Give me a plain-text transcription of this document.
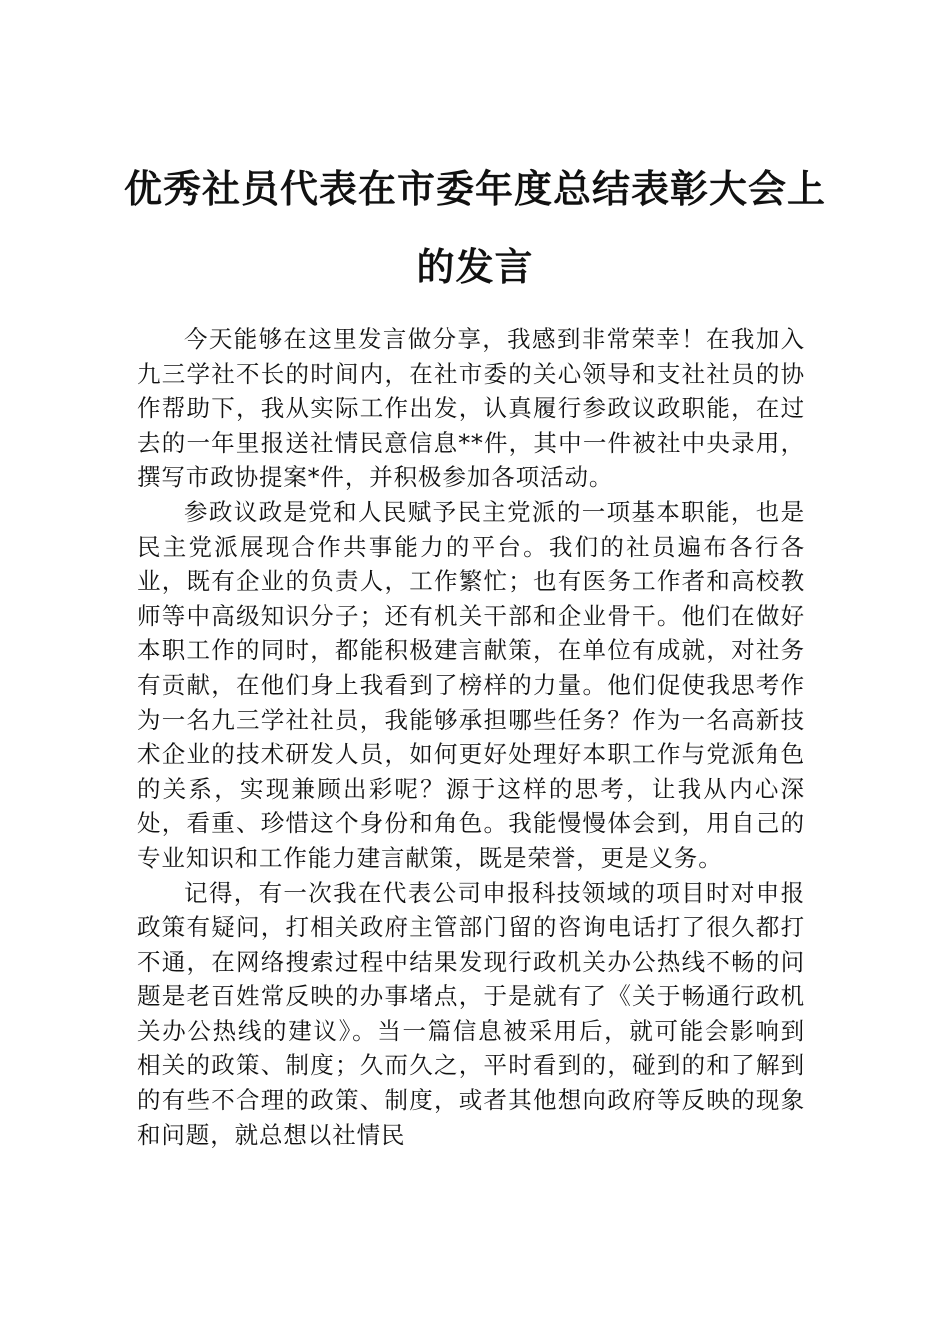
优秀社员代表在市委年度总结表彰大会上
的发言

今天能够在这里发言做分享，我感到非常荣幸！在我加入九三学社不长的时间内，在社市委的关心领导和支社社员的协作帮助下，我从实际工作出发，认真履行参政议政职能，在过去的一年里报送社情民意信息**件，其中一件被社中央录用，撰写市政协提案*件，并积极参加各项活动。

参政议政是党和人民赋予民主党派的一项基本职能，也是民主党派展现合作共事能力的平台。我们的社员遍布各行各业，既有企业的负责人，工作繁忙；也有医务工作者和高校教师等中高级知识分子；还有机关干部和企业骨干。他们在做好本职工作的同时，都能积极建言献策，在单位有成就，对社务有贡献，在他们身上我看到了榜样的力量。他们促使我思考作为一名九三学社社员，我能够承担哪些任务？作为一名高新技术企业的技术研发人员，如何更好处理好本职工作与党派角色的关系，实现兼顾出彩呢？源于这样的思考，让我从内心深处，看重、珍惜这个身份和角色。我能慢慢体会到，用自己的专业知识和工作能力建言献策，既是荣誉，更是义务。

记得，有一次我在代表公司申报科技领域的项目时对申报政策有疑问，打相关政府主管部门留的咨询电话打了很久都打不通，在网络搜索过程中结果发现行政机关办公热线不畅的问题是老百姓常反映的办事堵点，于是就有了《关于畅通行政机关办公热线的建议》。当一篇信息被采用后，就可能会影响到相关的政策、制度；久而久之，平时看到的，碰到的和了解到的有些不合理的政策、制度，或者其他想向政府等反映的现象和问题，就总想以社情民
